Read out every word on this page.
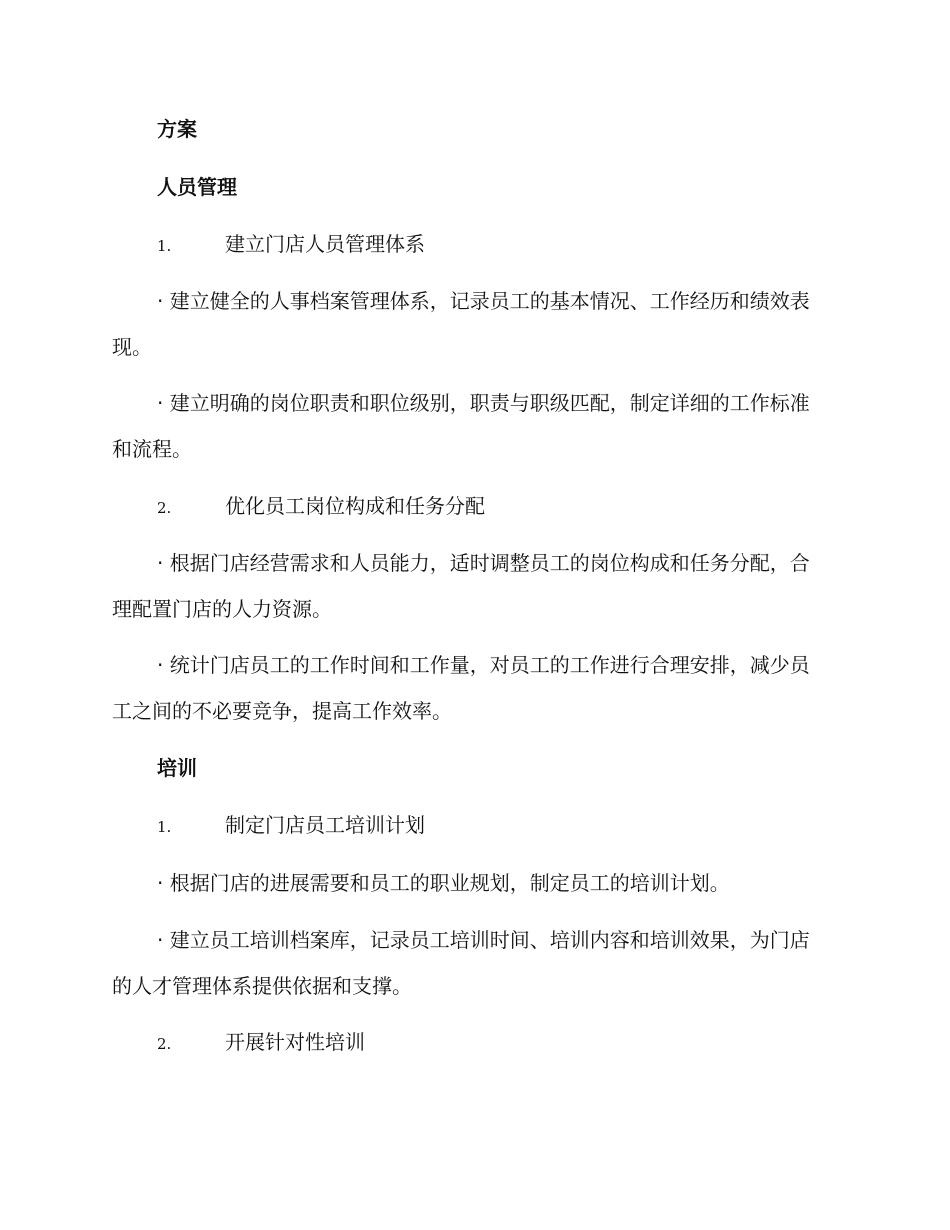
方案
人员管理
1.	建立门店人员管理体系

· 建立健全的人事档案管理体系，记录员工的基本情况、工作经历和绩效表现。

· 建立明确的岗位职责和职位级别，职责与职级匹配，制定详细的工作标准和流程。

2.	优化员工岗位构成和任务分配

· 根据门店经营需求和人员能力，适时调整员工的岗位构成和任务分配，合理配置门店的人力资源。

· 统计门店员工的工作时间和工作量，对员工的工作进行合理安排，减少员工之间的不必要竞争，提高工作效率。

培训
1.	制定门店员工培训计划

· 根据门店的进展需要和员工的职业规划，制定员工的培训计划。

· 建立员工培训档案库，记录员工培训时间、培训内容和培训效果，为门店的人才管理体系提供依据和支撑。

2.	开展针对性培训
